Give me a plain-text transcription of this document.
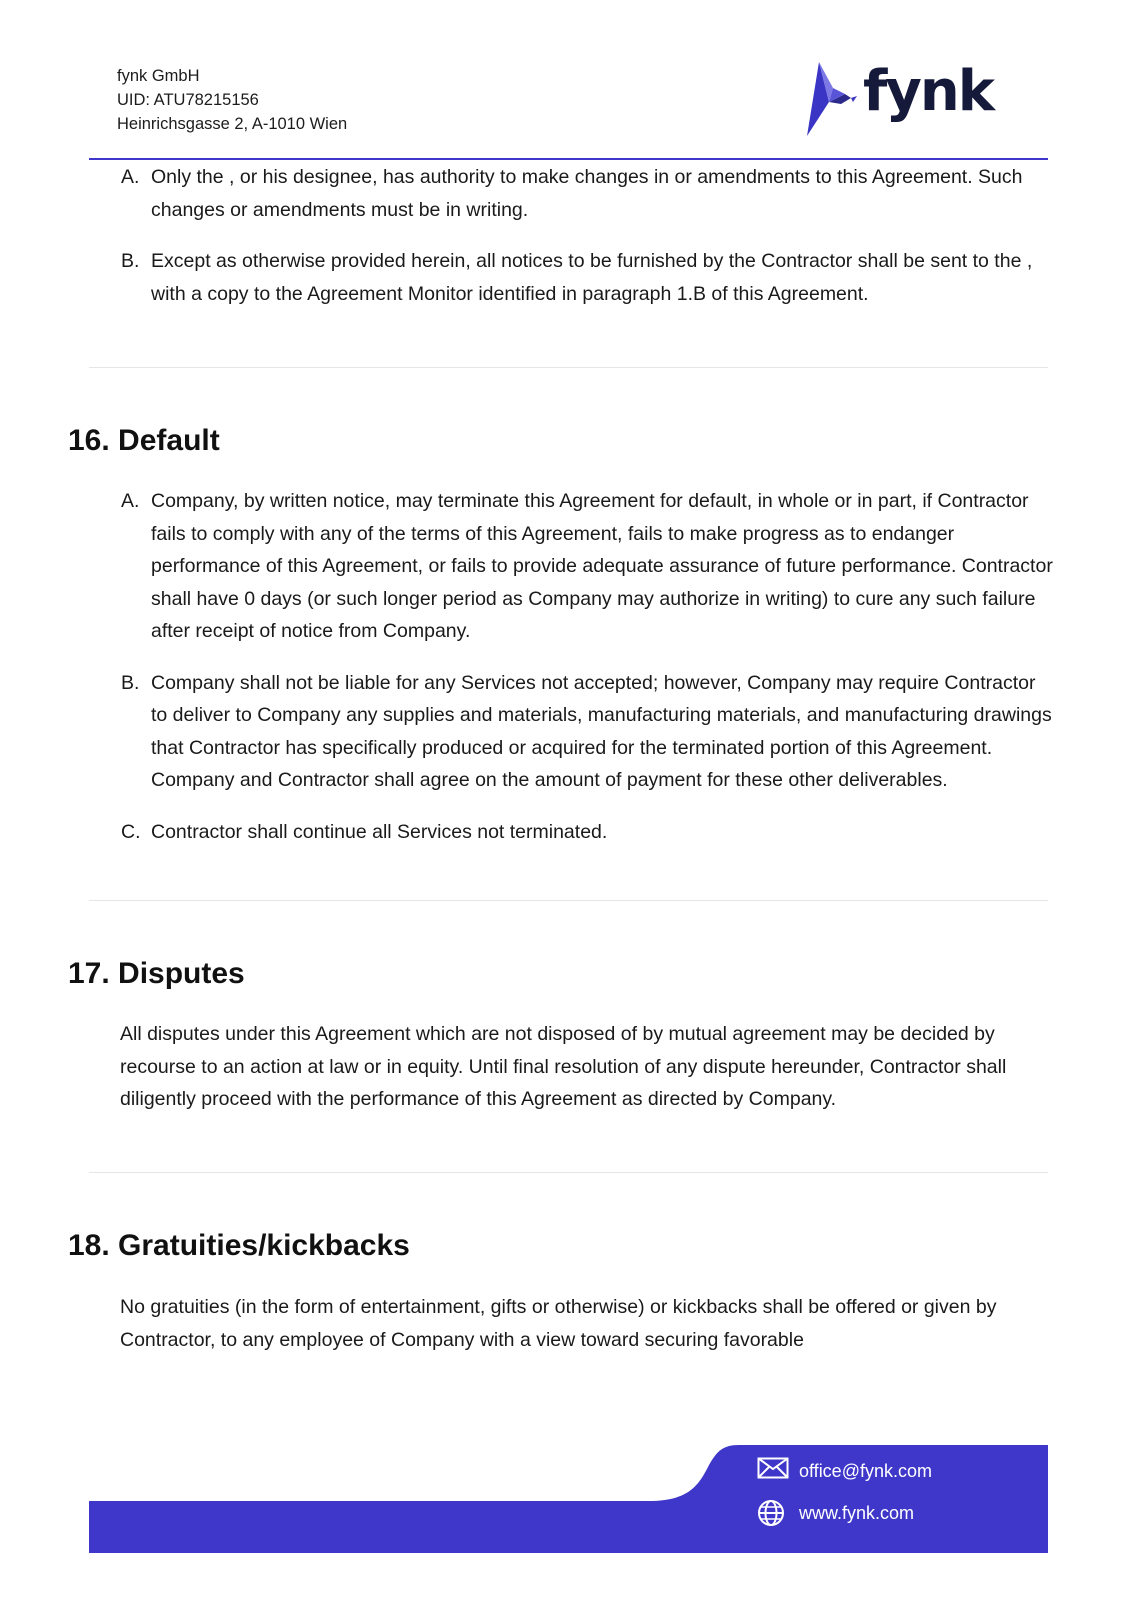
fynk GmbH
UID: ATU78215156
Heinrichsgasse 2, A-1010 Wien	fynk
A. Only the , or his designee, has authority to make changes in or amendments to this Agreement. Such changes or amendments must be in writing.
B. Except as otherwise provided herein, all notices to be furnished by the Contractor shall be sent to the , with a copy to the Agreement Monitor identified in paragraph 1.B of this Agreement.
16. Default
A. Company, by written notice, may terminate this Agreement for default, in whole or in part, if Contractor fails to comply with any of the terms of this Agreement, fails to make progress as to endanger performance of this Agreement, or fails to provide adequate assurance of future performance. Contractor shall have 0 days (or such longer period as Company may authorize in writing) to cure any such failure after receipt of notice from Company.
B. Company shall not be liable for any Services not accepted; however, Company may require Contractor to deliver to Company any supplies and materials, manufacturing materials, and manufacturing drawings that Contractor has specifically produced or acquired for the terminated portion of this Agreement. Company and Contractor shall agree on the amount of payment for these other deliverables.
C. Contractor shall continue all Services not terminated.
17. Disputes
All disputes under this Agreement which are not disposed of by mutual agreement may be decided by recourse to an action at law or in equity. Until final resolution of any dispute hereunder, Contractor shall diligently proceed with the performance of this Agreement as directed by Company.
18. Gratuities/kickbacks
No gratuities (in the form of entertainment, gifts or otherwise) or kickbacks shall be offered or given by Contractor, to any employee of Company with a view toward securing favorable
office@fynk.com
www.fynk.com
